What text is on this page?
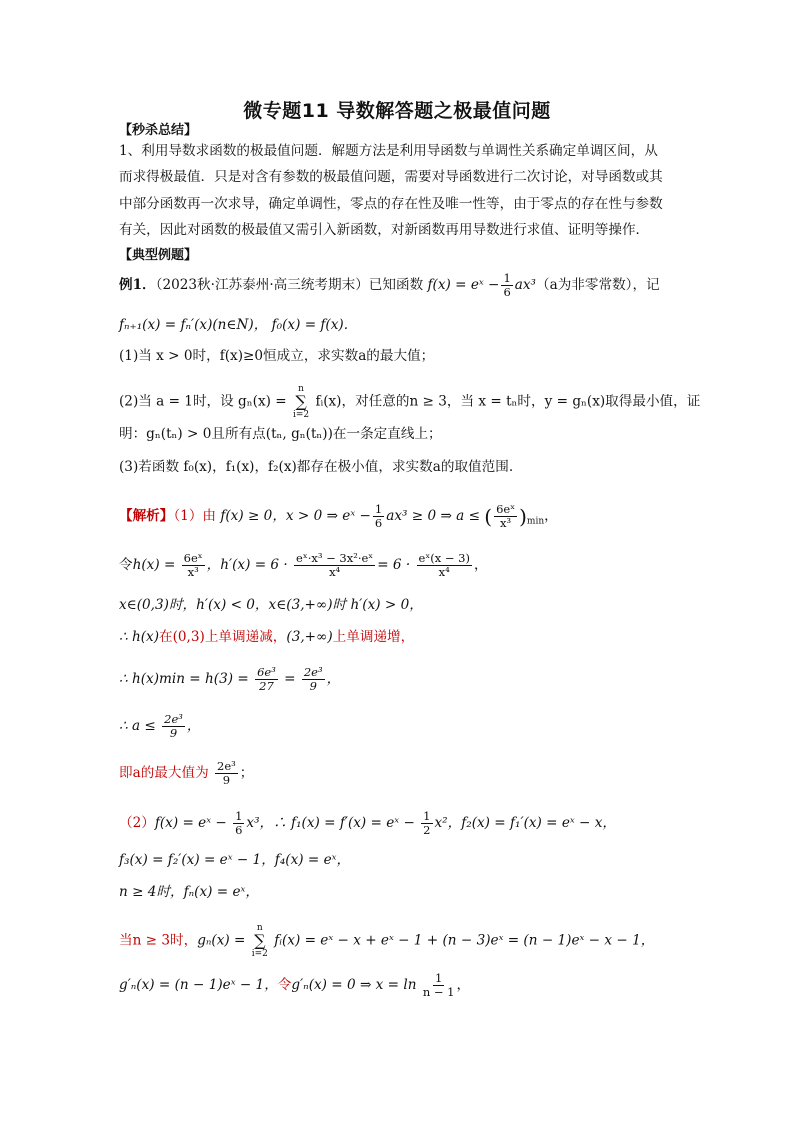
微专题11 导数解答题之极最值问题
【秒杀总结】
1、利用导数求函数的极最值问题．解题方法是利用导函数与单调性关系确定单调区间，从
而求得极最值．只是对含有参数的极最值问题，需要对导函数进行二次讨论，对导函数或其
中部分函数再一次求导，确定单调性，零点的存在性及唯一性等，由于零点的存在性与参数
有关，因此对函数的极最值又需引入新函数，对新函数再用导数进行求值、证明等操作．
【典型例题】
例1．（2023秋·江苏泰州·高三统考期末）已知函数 f(x) = eˣ − $\frac{1}{6} ax^3(a$为非零常数），记
fₙ₊₁(x) = fₙ′(x)(n∈N)， f₀(x) = f(x).
(1)当 x > 0时，f(x)≥0恒成立，求实数a的最大值；
(2)当 a = 1时，设 gₙ(x) =
n
∑
i=2
fᵢ(x)，对任意的n ≥ 3，当 x = tₙ时，y = gₙ(x)取得最小值，证
明：gₙ(tₙ) > 0且所有点(tₙ, gₙ(tₙ))在一条定直线上；
(3)若函数 f₀(x)，f₁(x)，f₂(x)都存在极小值，求实数a的取值范围.
【解析】（1）由 f(x) ≥ 0，x > 0 ⇒ eˣ − $\frac{1}{6} ax^3 \ge 0$ ⇒ a ≤ ( $\frac{\text{6eˣ}}{\text{x³}} )_{min}$，
令$h(x) = \frac{\text{6eˣ}}{\text{x³}}$ ，$h'(x) = 6 \cdot \frac{\text{eˣ·x³ − 3x²·eˣ}}{\text{x⁴}} = 6 \cdot \frac{\text{eˣ(x − 3)}}{\text{x⁴}}$ ，
x∈(0,3)时，h′(x) < 0，x∈(3,+∞)时 h′(x) > 0，
∴ h(x)在(0,3)上单调递减，(3,+∞)上单调递增，
∴ $h(x)\min = h(3) = \frac{\text{6e³}}{27} = \frac{\text{2e³}}{9}$ ，
∴ $a \le \frac{\text{2e³}}{9}$ ，
即a的最大值为 $\frac{\text{2e³}}{9}$ ；
（2）f(x) = eˣ − $\frac{1}{6} x^3$，∴ f₁(x) = f′(x) = eˣ − $\frac{1}{2} x^2$，f₂(x) = f₁′(x) = eˣ − x，
f₃(x) = f₂′(x) = eˣ − 1，f₄(x) = eˣ，
n ≥ 4时，fₙ(x) = eˣ，
当n ≥ 3时，gₙ(x) =
n
∑
i=2
fᵢ(x) = eˣ − x + eˣ − 1 + (n − 3)eˣ = (n − 1)eˣ − x − 1，
g′ₙ(x) = (n − 1)eˣ − 1，令g′ₙ(x) = 0 ⇒ $x = \ln \frac{1}{n - 1}$ ，
